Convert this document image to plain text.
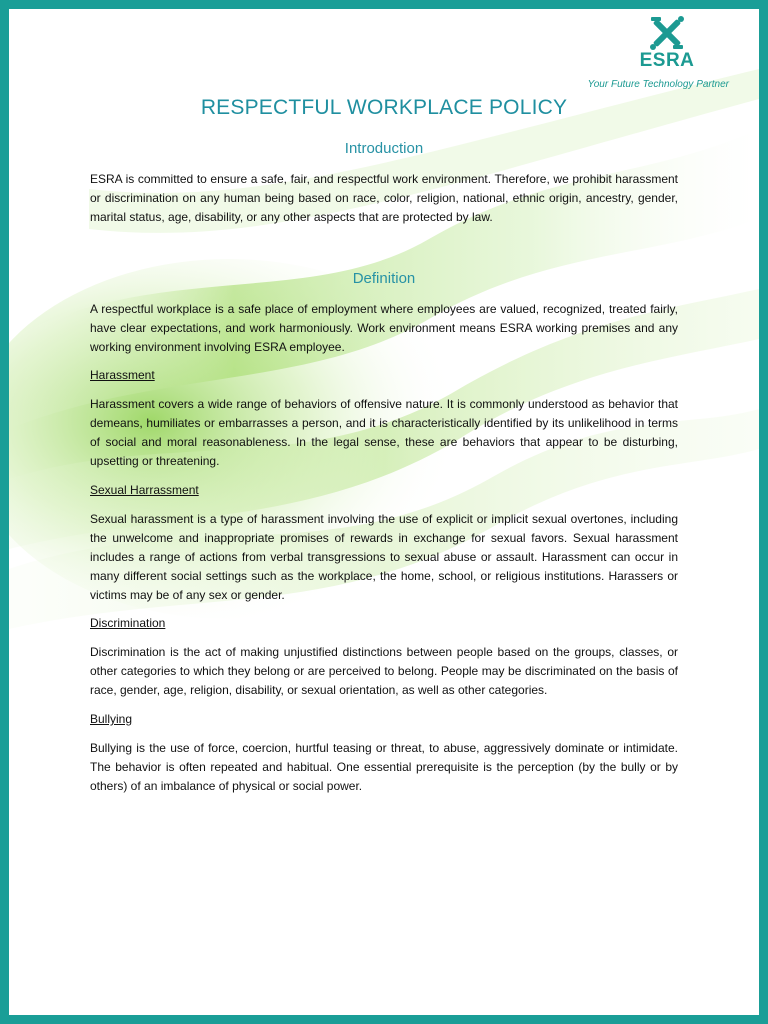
ESRA
Your Future Technology Partner
RESPECTFUL WORKPLACE POLICY
Introduction

ESRA is committed to ensure a safe, fair, and respectful work environment. Therefore, we prohibit harassment or discrimination on any human being based on race, color, religion, national, ethnic origin, ancestry, gender, marital status, age, disability, or any other aspects that are protected by law.

Definition

A respectful workplace is a safe place of employment where employees are valued, recognized, treated fairly, have clear expectations, and work harmoniously. Work environment means ESRA working premises and any working environment involving ESRA employee.

Harassment

Harassment covers a wide range of behaviors of offensive nature. It is commonly understood as behavior that demeans, humiliates or embarrasses a person, and it is characteristically identified by its unlikelihood in terms of social and moral reasonableness. In the legal sense, these are behaviors that appear to be disturbing, upsetting or threatening.

Sexual Harrassment

Sexual harassment is a type of harassment involving the use of explicit or implicit sexual overtones, including the unwelcome and inappropriate promises of rewards in exchange for sexual favors. Sexual harassment includes a range of actions from verbal transgressions to sexual abuse or assault. Harassment can occur in many different social settings such as the workplace, the home, school, or religious institutions. Harassers or victims may be of any sex or gender.

Discrimination

Discrimination is the act of making unjustified distinctions between people based on the groups, classes, or other categories to which they belong or are perceived to belong. People may be discriminated on the basis of race, gender, age, religion, disability, or sexual orientation, as well as other categories.

Bullying

Bullying is the use of force, coercion, hurtful teasing or threat, to abuse, aggressively dominate or intimidate. The behavior is often repeated and habitual. One essential prerequisite is the perception (by the bully or by others) of an imbalance of physical or social power.
